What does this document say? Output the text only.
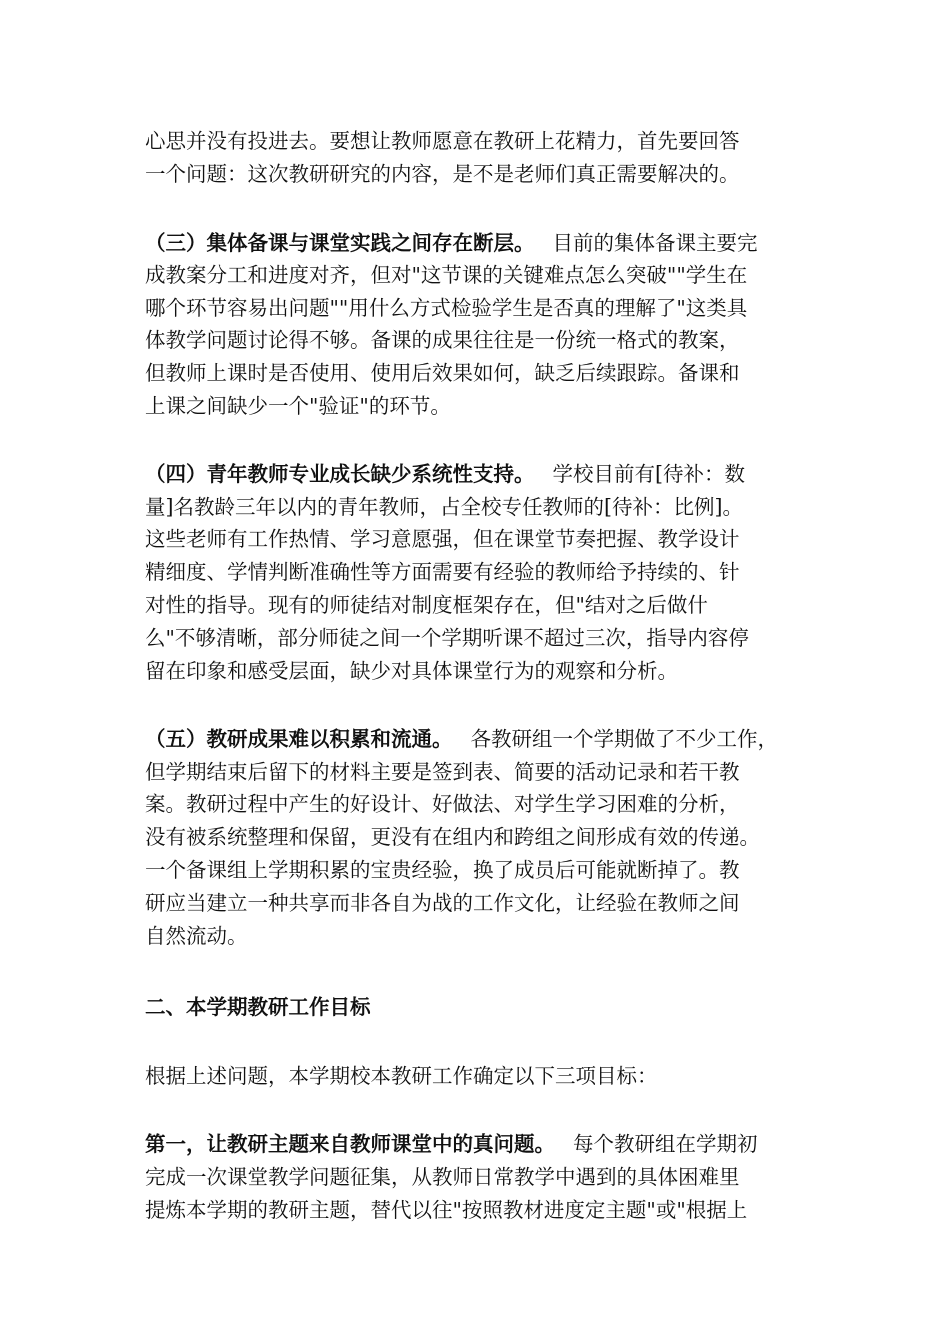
心思并没有投进去。要想让教师愿意在教研上花精力，首先要回答
一个问题：这次教研研究的内容，是不是老师们真正需要解决的。
（三）集体备课与课堂实践之间存在断层。 目前的集体备课主要完
成教案分工和进度对齐，但对"这节课的关键难点怎么突破""学生在
哪个环节容易出问题""用什么方式检验学生是否真的理解了"这类具
体教学问题讨论得不够。备课的成果往往是一份统一格式的教案，
但教师上课时是否使用、使用后效果如何，缺乏后续跟踪。备课和
上课之间缺少一个"验证"的环节。
（四）青年教师专业成长缺少系统性支持。 学校目前有[待补：数
量]名教龄三年以内的青年教师，占全校专任教师的[待补：比例]。
这些老师有工作热情、学习意愿强，但在课堂节奏把握、教学设计
精细度、学情判断准确性等方面需要有经验的教师给予持续的、针
对性的指导。现有的师徒结对制度框架存在，但"结对之后做什
么"不够清晰，部分师徒之间一个学期听课不超过三次，指导内容停
留在印象和感受层面，缺少对具体课堂行为的观察和分析。
（五）教研成果难以积累和流通。 各教研组一个学期做了不少工作，
但学期结束后留下的材料主要是签到表、简要的活动记录和若干教
案。教研过程中产生的好设计、好做法、对学生学习困难的分析，
没有被系统整理和保留，更没有在组内和跨组之间形成有效的传递。
一个备课组上学期积累的宝贵经验，换了成员后可能就断掉了。教
研应当建立一种共享而非各自为战的工作文化，让经验在教师之间
自然流动。
二、本学期教研工作目标
根据上述问题，本学期校本教研工作确定以下三项目标：
第一，让教研主题来自教师课堂中的真问题。 每个教研组在学期初
完成一次课堂教学问题征集，从教师日常教学中遇到的具体困难里
提炼本学期的教研主题，替代以往"按照教材进度定主题"或"根据上
